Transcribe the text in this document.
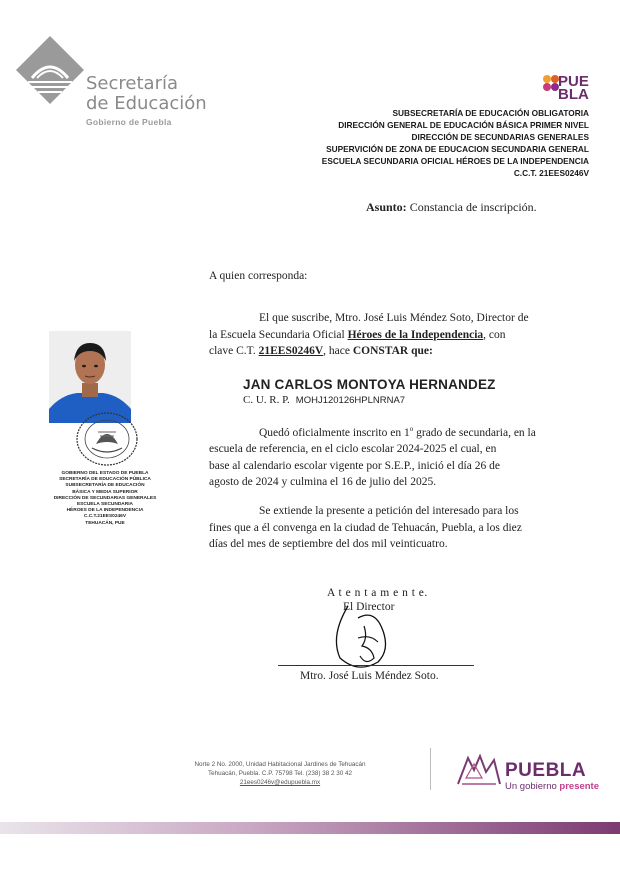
Secretaría
de Educación
Gobierno de Puebla
PUE
BLA
SUBSECRETARÍA DE EDUCACIÓN OBLIGATORIA
DIRECCIÓN GENERAL DE EDUCACIÓN BÁSICA PRIMER NIVEL
DIRECCIÓN DE SECUNDARIAS GENERALES
SUPERVICIÓN DE ZONA DE EDUCACION SECUNDARIA GENERAL
ESCUELA SECUNDARIA OFICIAL HÉROES DE LA INDEPENDENCIA
C.C.T. 21EES0246V
Asunto: Constancia de inscripción.
A quien corresponda:
El que suscribe, Mtro. José Luis Méndez Soto, Director de
la Escuela Secundaria Oficial Héroes de la Independencia, con
clave C.T. 21EES0246V, hace CONSTAR que:
JAN CARLOS MONTOYA HERNANDEZ
C. U. R. P. MOHJ120126HPLNRNA7
Quedó oficialmente inscrito en 1$^o$ grado de secundaria, en la
escuela de referencia, en el ciclo escolar 2024-2025 el cual, en
base al calendario escolar vigente por S.E.P., inició el día 26 de
agosto de 2024 y culmina el 16 de julio del 2025.
Se extiende la presente a petición del interesado para los
fines que a él convenga en la ciudad de Tehuacán, Puebla, a los diez
días del mes de septiembre del dos mil veinticuatro.
GOBIERNO DEL ESTADO DE PUEBLA
SECRETARÍA DE EDUCACIÓN PÚBLICA
SUBSECRETARÍA DE EDUCACIÓN
BÁSICA Y MEDIA SUPERIOR
DIRECCIÓN DE SECUNDARIAS GENERALES
ESCUELA SECUNDARIA
HÉROES DE LA INDEPENDENCIA
C.C.T.21EES0246V
TEHUACÁN, PUE
A t e n t a m e n t e.
El Director
Mtro. José Luis Méndez Soto.
Norte 2 No. 2000, Unidad Habitacional Jardines de Tehuacán
Tehuacán, Puebla. C.P. 75798 Tel. (238) 38 2 30 42
21ees0246v@edupuebla.mx
PUEBLA
Un gobierno presente
